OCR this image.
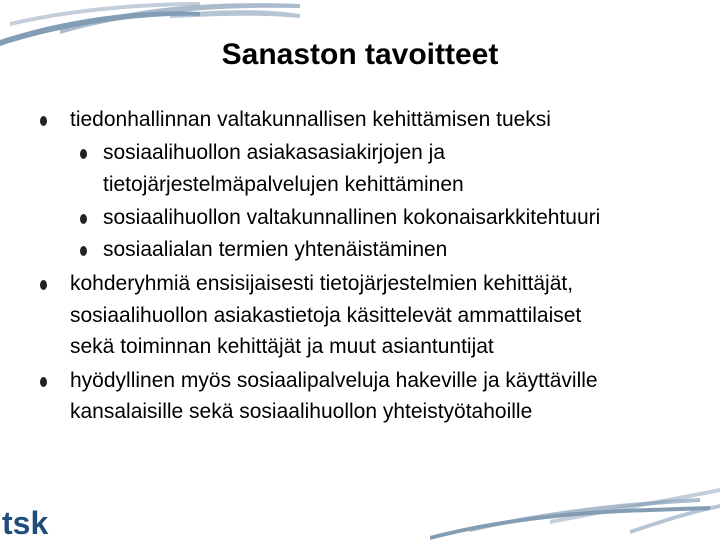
Sanaston tavoitteet
tiedonhallinnan valtakunnallisen kehittämisen tueksi
sosiaalihuollon asiakasasiakirjojen ja
tietojärjestelmäpalvelujen kehittäminen
sosiaalihuollon valtakunnallinen kokonaisarkkitehtuuri
sosiaalialan termien yhtenäistäminen
kohderyhmiä ensisijaisesti tietojärjestelmien kehittäjät,
sosiaalihuollon asiakastietoja käsittelevät ammattilaiset
sekä toiminnan kehittäjät ja muut asiantuntijat
hyödyllinen myös sosiaalipalveluja hakeville ja käyttäville
kansalaisille sekä sosiaalihuollon yhteistyötahoille
tsk
